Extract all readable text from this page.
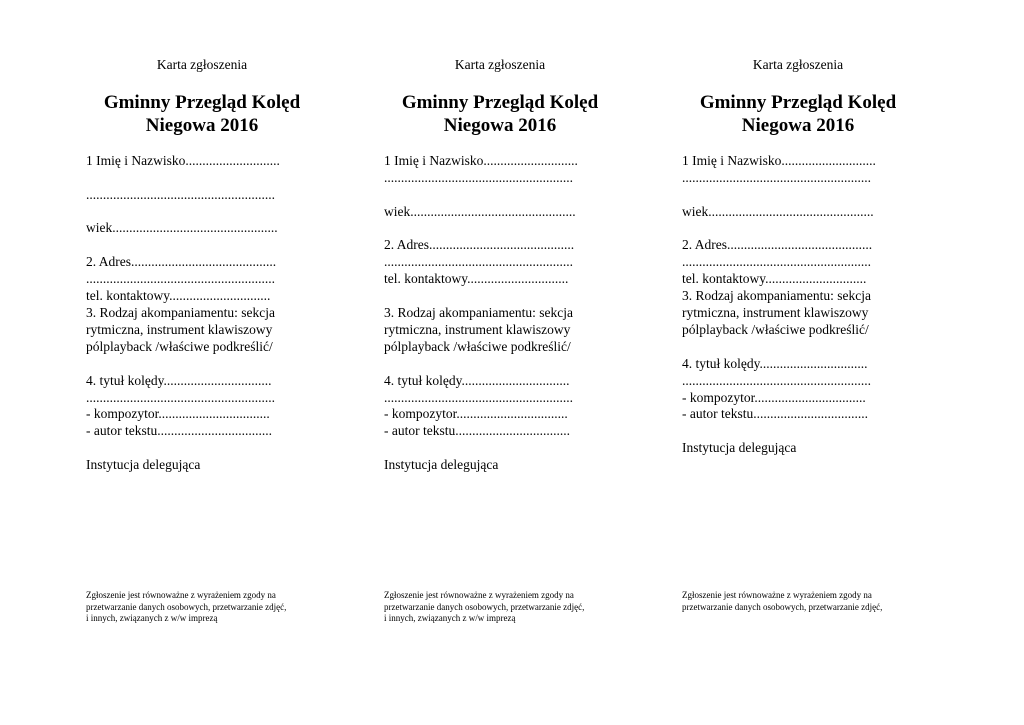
Karta zgłoszenia
Gminny Przegląd Kolęd
Niegowa 2016
1 Imię i Nazwisko............................
........................................................
wiek.................................................
2. Adres...........................................
........................................................
tel. kontaktowy..............................
3. Rodzaj akompaniamentu: sekcja
rytmiczna, instrument klawiszowy
pólplayback /właściwe podkreślić/
4. tytuł kolędy................................
........................................................
- kompozytor.................................
- autor tekstu..................................
Instytucja delegująca
Zgłoszenie jest równoważne z wyrażeniem zgody na
przetwarzanie danych osobowych, przetwarzanie zdjęć,
i innych, związanych z w/w imprezą
Karta zgłoszenia
Gminny Przegląd Kolęd
Niegowa 2016
1 Imię i Nazwisko............................
........................................................
wiek.................................................
2. Adres...........................................
........................................................
tel. kontaktowy..............................
3. Rodzaj akompaniamentu: sekcja
rytmiczna, instrument klawiszowy
pólplayback /właściwe podkreślić/
4. tytuł kolędy................................
........................................................
- kompozytor.................................
- autor tekstu..................................
Instytucja delegująca
Zgłoszenie jest równoważne z wyrażeniem zgody na
przetwarzanie danych osobowych, przetwarzanie zdjęć,
i innych, związanych z w/w imprezą
Karta zgłoszenia
Gminny Przegląd Kolęd
Niegowa 2016
1 Imię i Nazwisko............................
........................................................
wiek.................................................
2. Adres...........................................
........................................................
tel. kontaktowy..............................
3. Rodzaj akompaniamentu: sekcja
rytmiczna, instrument klawiszowy
pólplayback /właściwe podkreślić/
4. tytuł kolędy................................
........................................................
- kompozytor.................................
- autor tekstu..................................
Instytucja delegująca
Zgłoszenie jest równoważne z wyrażeniem zgody na
przetwarzanie danych osobowych, przetwarzanie zdjęć,
